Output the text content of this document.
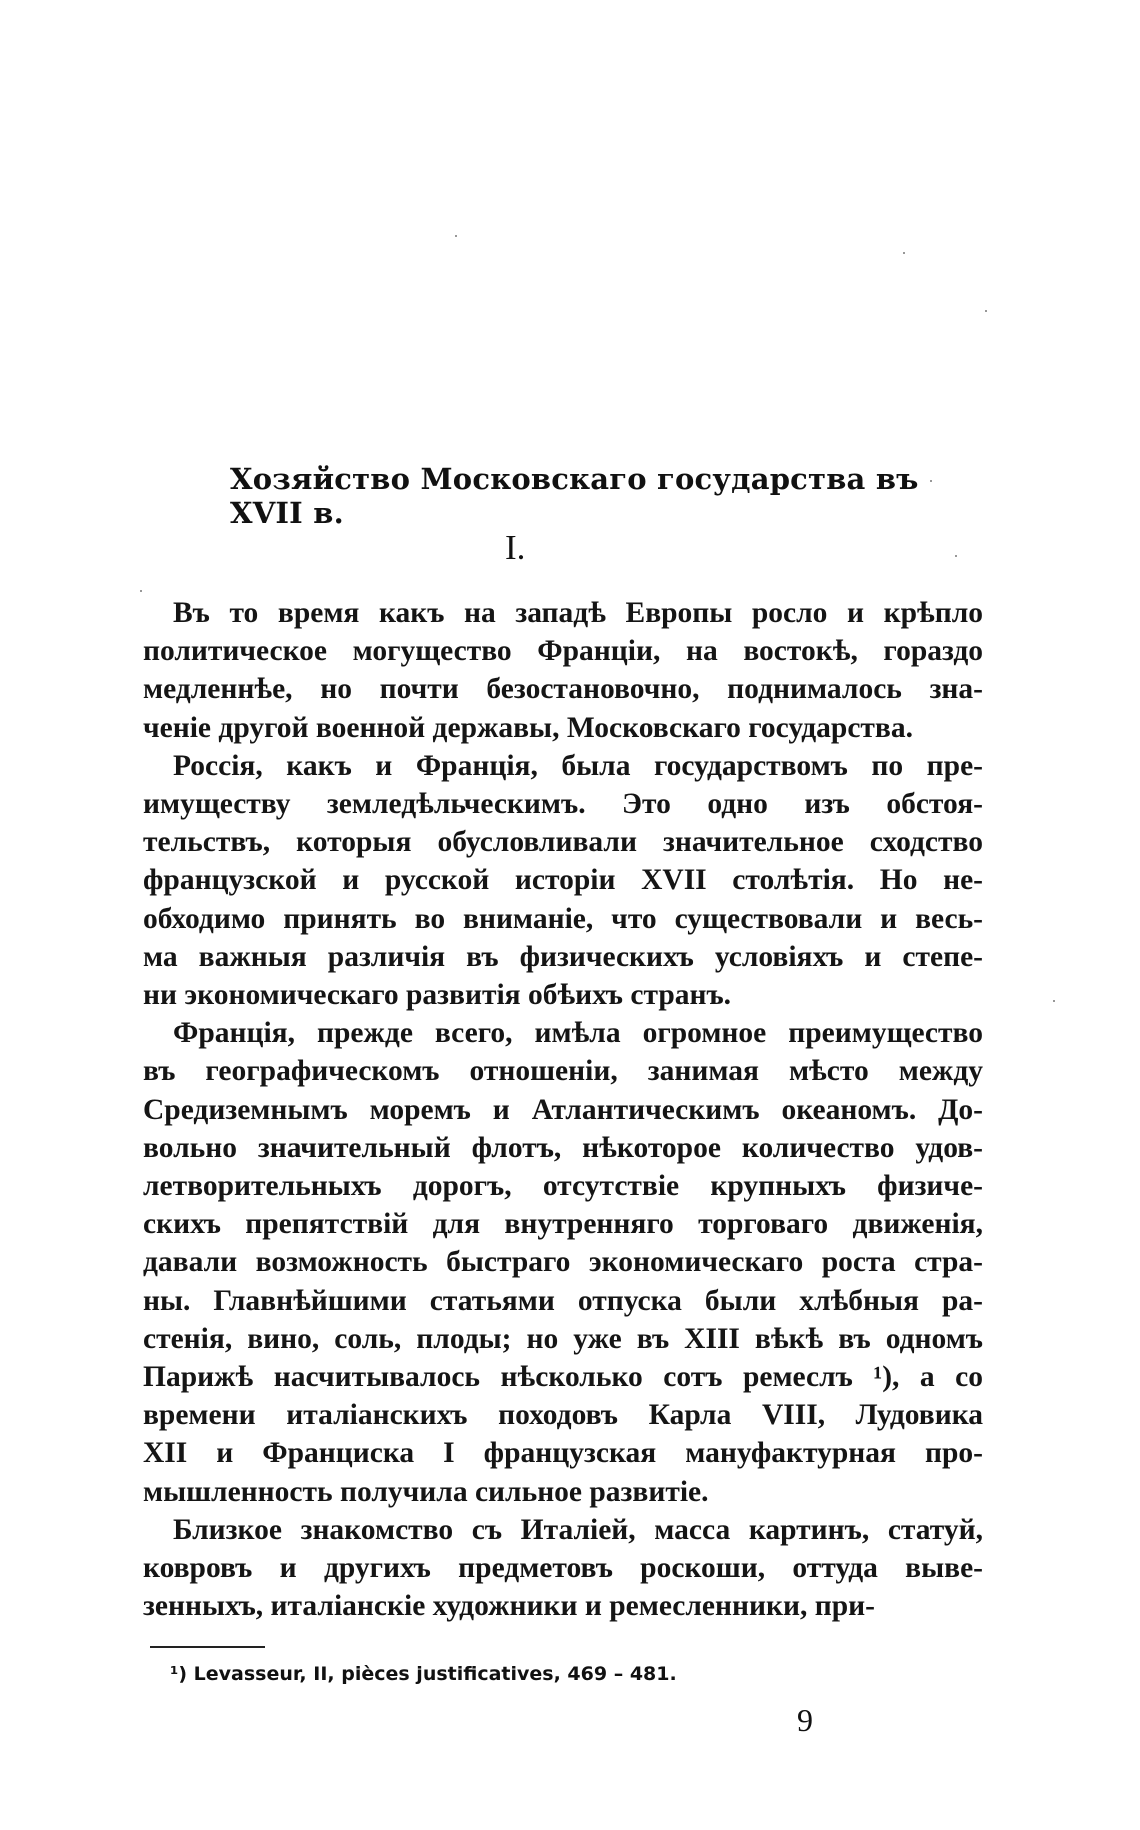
Хозяйство Московскаго государства въ XVII в.
I.
Въ то время какъ на западѣ Европы росло и крѣпло
политическое могущество Франціи, на востокѣ, гораздо
медленнѣе, но почти безостановочно, поднималось зна-
ченіе другой военной державы, Московскаго государства.
Россія, какъ и Франція, была государствомъ по пре-
имуществу земледѣльческимъ. Это одно изъ обстоя-
тельствъ, которыя обусловливали значительное сходство
французской и русской исторіи XVII столѣтія. Но не-
обходимо принять во вниманіе, что существовали и весь-
ма важныя различія въ физическихъ условіяхъ и степе-
ни экономическаго развитія обѣихъ странъ.
Франція, прежде всего, имѣла огромное преимущество
въ географическомъ отношеніи, занимая мѣсто между
Средиземнымъ моремъ и Атлантическимъ океаномъ. До-
вольно значительный флотъ, нѣкоторое количество удов-
летворительныхъ дорогъ, отсутствіе крупныхъ физиче-
скихъ препятствій для внутренняго торговаго движенія,
давали возможность быстраго экономическаго роста стра-
ны. Главнѣйшими статьями отпуска были хлѣбныя ра-
стенія, вино, соль, плоды; но уже въ XIII вѣкѣ въ одномъ
Парижѣ насчитывалось нѣсколько сотъ ремеслъ ¹), а со
времени италіанскихъ походовъ Карла VIII, Лудовика
XII и Франциска I французская мануфактурная про-
мышленность получила сильное развитіе.
Близкое знакомство съ Италіей, масса картинъ, статуй,
ковровъ и другихъ предметовъ роскоши, оттуда выве-
зенныхъ, италіанскіе художники и ремесленники, при-
¹) Levasseur, II, pièces justificatives, 469 – 481.
9
